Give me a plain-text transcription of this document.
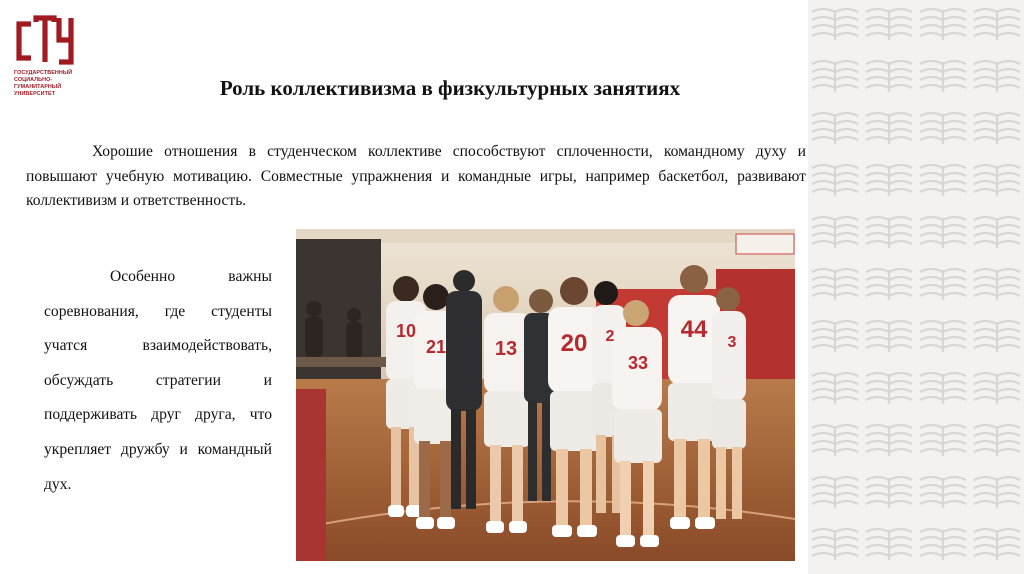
ГОСУДАРСТВЕННЫЙ
СОЦИАЛЬНО-
ГУМАНИТАРНЫЙ
УНИВЕРСИТЕТ	Роль коллективизма в физкультурных занятиях
Хорошие отношения в студенческом коллективе способствуют сплоченности, командному духу и повышают учебную мотивацию. Совместные упражнения и командные игры, например баскетбол, развивают коллективизм и ответственность.
Особенно важны соревнования, где студенты учатся взаимодействовать, обсуждать стратегии и поддерживать друг друга, что укрепляет дружбу и командный дух.
10
21 13 20 2
33
44 3
